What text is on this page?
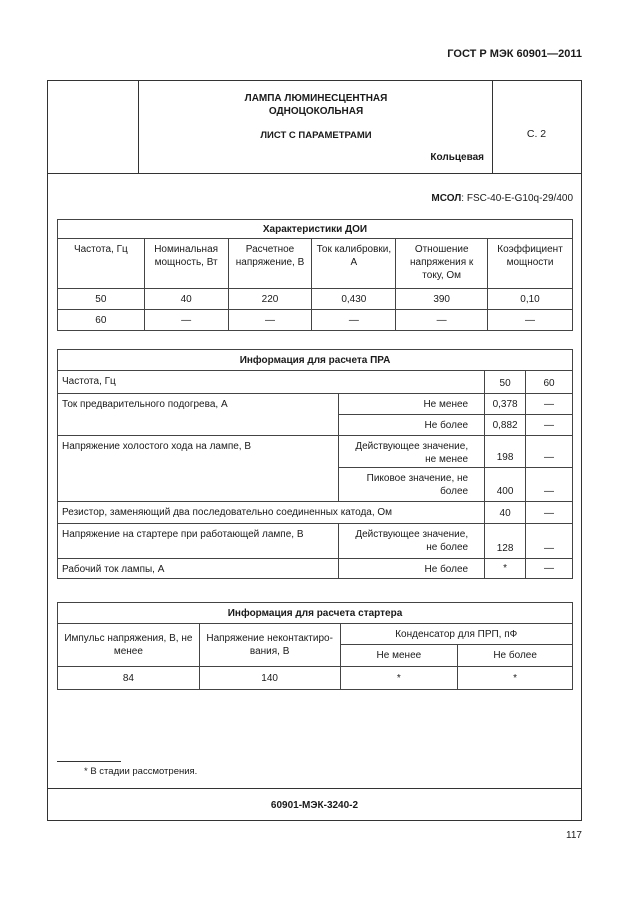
ГОСТ Р МЭК 60901—2011
ЛАМПА ЛЮМИНЕСЦЕНТНАЯ
ОДНОЦОКОЛЬНАЯ
ЛИСТ С ПАРАМЕТРАМИ
Кольцевая
С. 2
МСОЛ: FSC-40-E-G10q-29/400
Характеристики ДОИ					
Частота, Гц	Номинальная мощность, Вт	Расчетное напряжение, В	Ток калибровки, А	Отношение напряжения к току, Ом	Коэффициент мощности
50	40	220	0,430	390	0,10
60	—	—	—	—	—
Информация для расчета ПРА			
Частота, Гц		50	60
Ток предварительного подогрева, А	Не менее	0,378	—
	Не более	0,882	—
Напряжение холостого хода на лампе, В	Действующее значение, не менее	198	—
	Пиковое значение, не более	400	—
Резистор, заменяющий два последовательно соединенных катода, Ом		40	—
Напряжение на стартере при работающей лампе, В	Действующее значение, не более	128	—
Рабочий ток лампы, А	Не более	*	—
Информация для расчета стартера			
Импульс напряжения, В, не менее	Напряжение неконтактиро-вания, В	Конденсатор для ПРП, пФ	
		Не менее	Не более
84	140	*	*
* В стадии рассмотрения.
60901-МЭК-3240-2
117
